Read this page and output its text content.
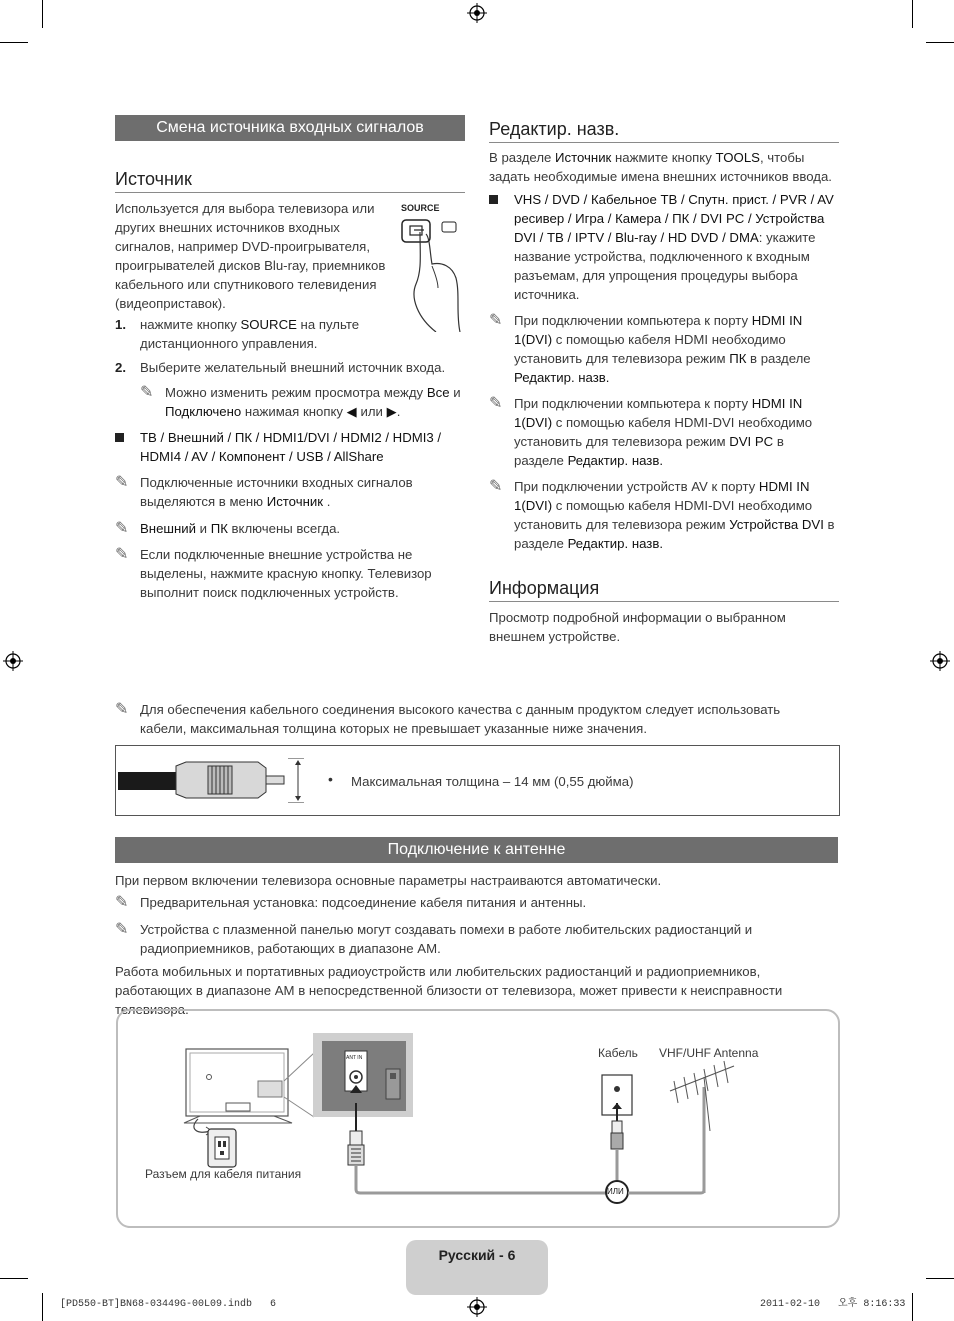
Смена источника входных сигналов
Источник
Используется для выбора телевизора или других внешних источников входных сигналов, например DVD-проигрывателя, проигрывателей дисков Blu-ray, приемников кабельного или спутникового телевидения (видеоприставок).
SOURCE
1. нажмите кнопку SOURCE на пульте дистанционного управления.
2. Выберите желательный внешний источник входа.
✎ Можно изменить режим просмотра между Все и Подключено нажимая кнопку ◀ или ▶.
ТВ / Внешний / ПК / HDMI1/DVI / HDMI2 / HDMI3 / HDMI4 / AV / Компонент / USB / AllShare
✎ Подключенные источники входных сигналов выделяются в меню Источник .
✎ Внешний и ПК включены всегда.
✎ Если подключенные внешние устройства не выделены, нажмите красную кнопку. Телевизор выполнит поиск подключенных устройств.
Редактир. назв.
В разделе Источник нажмите кнопку TOOLS, чтобы задать необходимые имена внешних источников ввода.
VHS / DVD / Кабельное ТВ / Спутн. прист. / PVR / AV ресивер / Игра / Камера / ПК / DVI PC / Устройства DVI / ТВ / IPTV / Blu-ray / HD DVD / DMA: укажите название устройства, подключенного к входным разъемам, для упрощения процедуры выбора источника.
✎ При подключении компьютера к порту HDMI IN 1(DVI) с помощью кабеля HDMI необходимо установить для телевизора режим ПК в разделе Редактир. назв.
✎ При подключении компьютера к порту HDMI IN 1(DVI) с помощью кабеля HDMI-DVI необходимо установить для телевизора режим DVI PC в разделе Редактир. назв.
✎ При подключении устройств AV к порту HDMI IN 1(DVI) с помощью кабеля HDMI-DVI необходимо установить для телевизора режим Устройства DVI в разделе Редактир. назв.
Информация
Просмотр подробной информации о выбранном внешнем устройстве.
✎ Для обеспечения кабельного соединения высокого качества с данным продуктом следует использовать кабели, максимальная толщина которых не превышает указанные ниже значения.
• Максимальная толщина – 14 мм (0,55 дюйма)
Подключение к антенне
При первом включении телевизора основные параметры настраиваются автоматически.
✎ Предварительная установка: подсоединение кабеля питания и антенны.
✎ Устройства с плазменной панелью могут создавать помехи в работе любительских радиостанций и радиоприемников, работающих в диапазоне AM.
Работа мобильных и портативных радиоустройств или любительских радиостанций и радиоприемников, работающих в диапазоне AM в непосредственной близости от телевизора, может привести к неисправности телевизора.
ANT IN	Кабель VHF/UHF Antenna
Разъем для кабеля питания
ИЛИ
Русский - 6
[PD550-BT]BN68-03449G-00L09.indb   6	2011-02-10   오후 8:16:33
